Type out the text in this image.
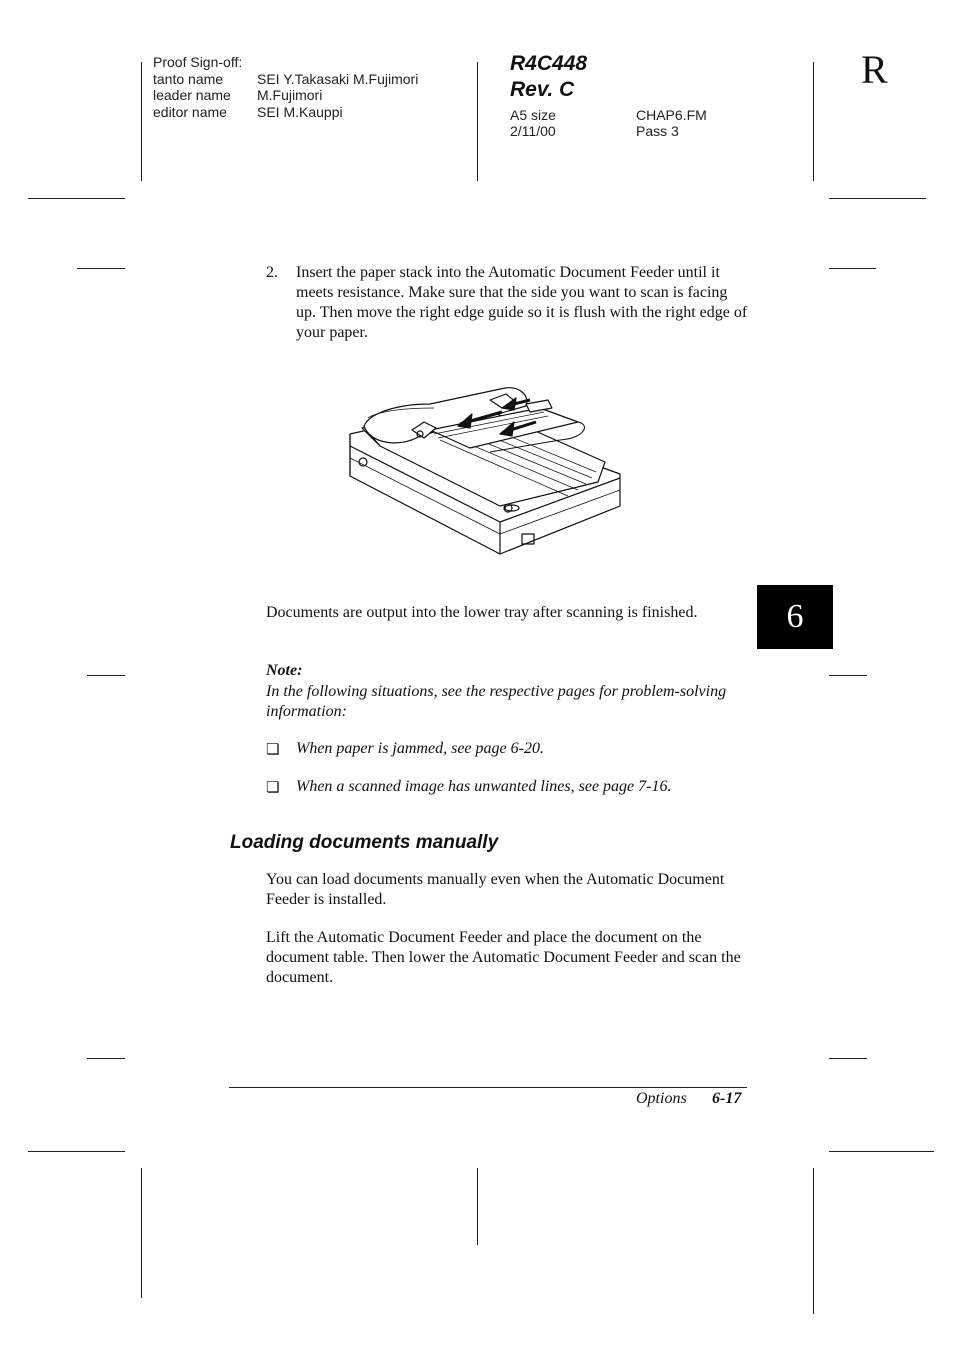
Proof Sign-off:
tanto name	SEI Y.Takasaki M.Fujimori
leader name	M.Fujimori
editor name	SEI M.Kauppi
R4C448
Rev. C
A5 size	CHAP6.FM
2/11/00	Pass 3
R
6
2. Insert the paper stack into the Automatic Document Feeder until it meets resistance. Make sure that the side you want to scan is facing up. Then move the right edge guide so it is flush with the right edge of your paper.
Documents are output into the lower tray after scanning is finished.
Note:
In the following situations, see the respective pages for problem-solving information:
❏ When paper is jammed, see page 6-20.
❏ When a scanned image has unwanted lines, see page 7-16.
Loading documents manually
You can load documents manually even when the Automatic Document Feeder is installed.
Lift the Automatic Document Feeder and place the document on the document table. Then lower the Automatic Document Feeder and scan the document.
Options 6-17
